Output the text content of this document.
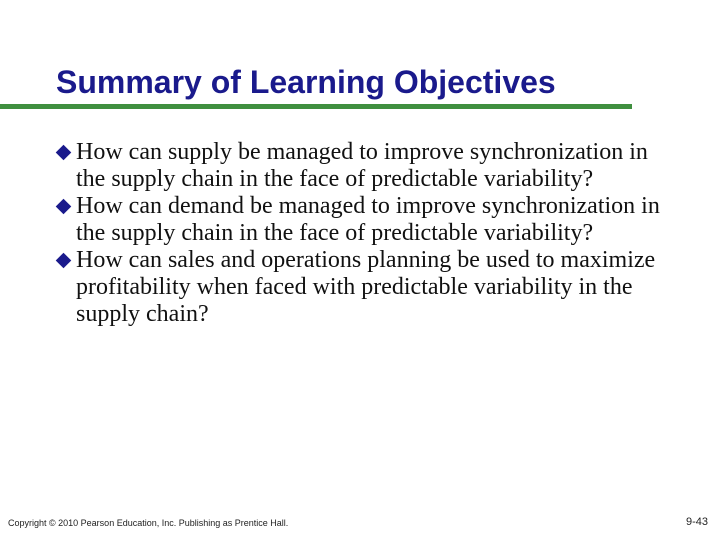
Summary of Learning Objectives
How can supply be managed to improve synchronization in the supply chain in the face of predictable variability?
How can demand be managed to improve synchronization in the supply chain in the face of predictable variability?
How can sales and operations planning be used to maximize profitability when faced with predictable variability in the supply chain?
Copyright © 2010 Pearson Education, Inc. Publishing as Prentice Hall.	9-43
